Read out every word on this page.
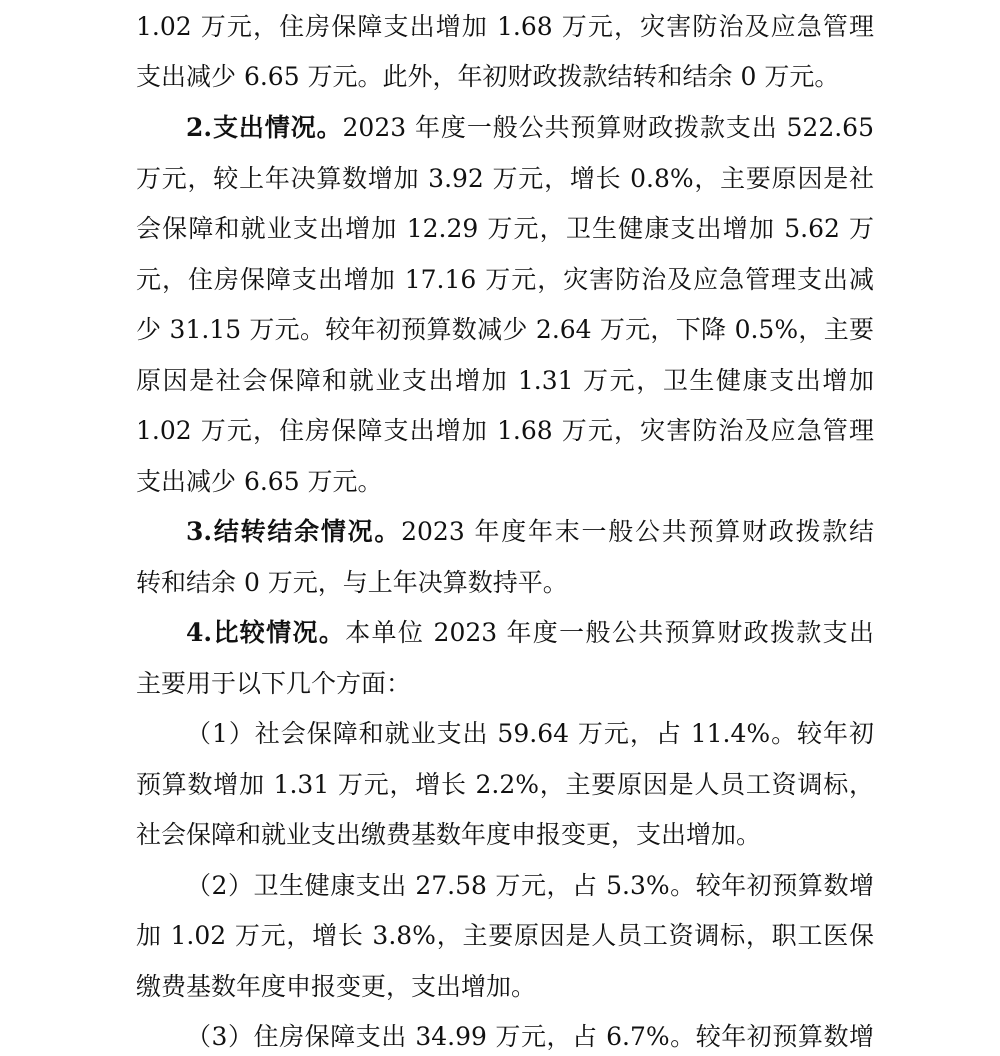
1.02 万元，住房保障支出增加 1.68 万元，灾害防治及应急管理
支出减少 6.65 万元。此外，年初财政拨款结转和结余 0 万元。
2.支出情况。2023 年度一般公共预算财政拨款支出 522.65
万元，较上年决算数增加 3.92 万元，增长 0.8%，主要原因是社
会保障和就业支出增加 12.29 万元，卫生健康支出增加 5.62 万
元，住房保障支出增加 17.16 万元，灾害防治及应急管理支出减
少 31.15 万元。较年初预算数减少 2.64 万元，下降 0.5%，主要
原因是社会保障和就业支出增加 1.31 万元，卫生健康支出增加
1.02 万元，住房保障支出增加 1.68 万元，灾害防治及应急管理
支出减少 6.65 万元。
3.结转结余情况。2023 年度年末一般公共预算财政拨款结
转和结余 0 万元，与上年决算数持平。
4.比较情况。本单位 2023 年度一般公共预算财政拨款支出
主要用于以下几个方面：
（1）社会保障和就业支出 59.64 万元，占 11.4%。较年初
预算数增加 1.31 万元，增长 2.2%，主要原因是人员工资调标，
社会保障和就业支出缴费基数年度申报变更，支出增加。
（2）卫生健康支出 27.58 万元，占 5.3%。较年初预算数增
加 1.02 万元，增长 3.8%，主要原因是人员工资调标，职工医保
缴费基数年度申报变更，支出增加。
（3）住房保障支出 34.99 万元，占 6.7%。较年初预算数增
